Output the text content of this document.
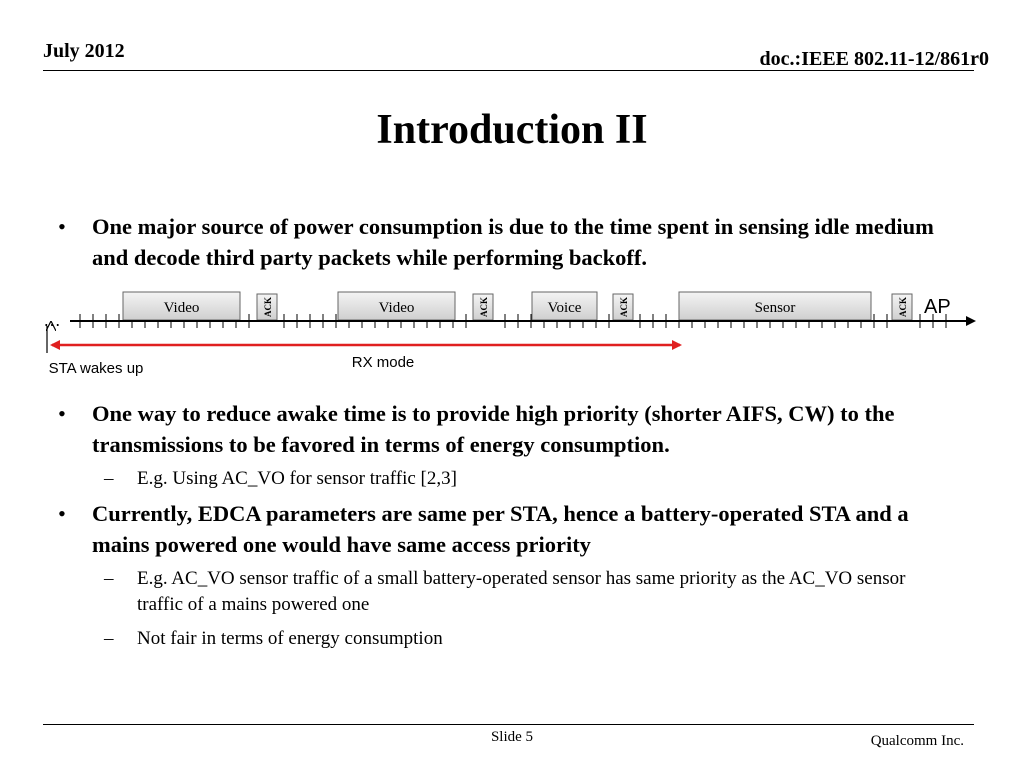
July 2012	doc.:IEEE 802.11-12/861r0
Introduction II
• One major source of power consumption is due to the time spent in sensing idle medium and decode third party packets while performing backoff.
Video	ACK	Video	ACK	Voice	ACK	Sensor	ACK
…
AP
RX mode
STA wakes up
• One way to reduce awake time is to provide high priority (shorter AIFS, CW) to the transmissions to be favored in terms of energy consumption.
– E.g. Using AC_VO for sensor traffic [2,3]
• Currently, EDCA parameters are same per STA, hence a battery-operated STA and a mains powered one would have same access priority
– E.g. AC_VO sensor traffic of a small battery-operated sensor has same priority as the AC_VO sensor traffic of a mains powered one
– Not fair in terms of energy consumption
Slide 5	Qualcomm Inc.
